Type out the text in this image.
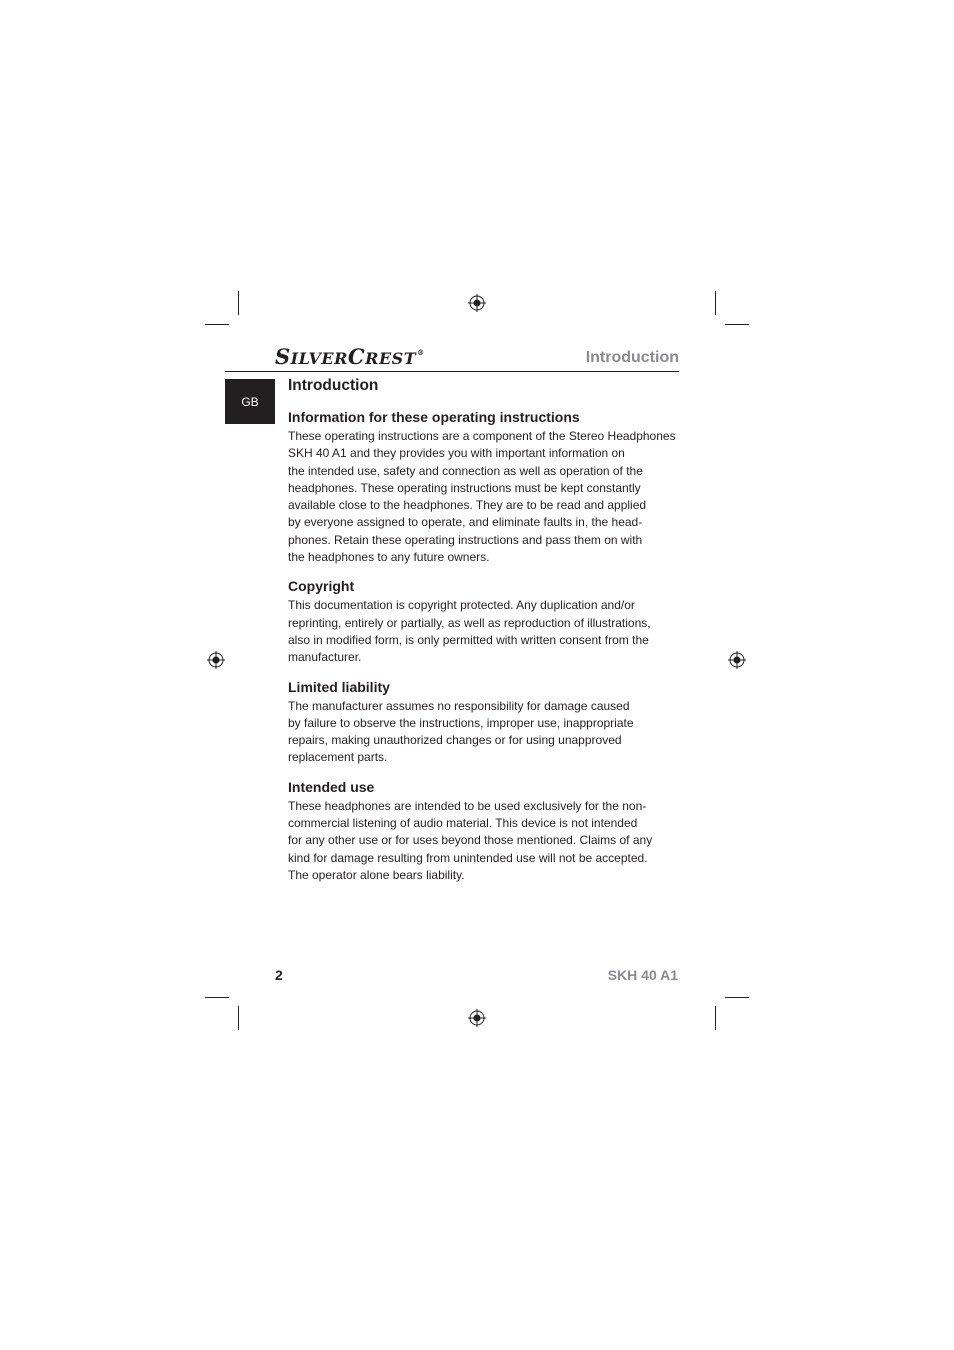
SILVERCREST®	Introduction
GB
Introduction
Information for these operating instructions
These operating instructions are a component of the Stereo Headphones
SKH 40 A1 and they provides you with important information on
the intended use, safety and connection as well as operation of the
headphones. These operating instructions must be kept constantly
available close to the headphones. They are to be read and applied
by everyone assigned to operate, and eliminate faults in, the head-
phones. Retain these operating instructions and pass them on with
the headphones to any future owners.
Copyright
This documentation is copyright protected. Any duplication and/or
reprinting, entirely or partially, as well as reproduction of illustrations,
also in modified form, is only permitted with written consent from the
manufacturer.
Limited liability
The manufacturer assumes no responsibility for damage caused
by failure to observe the instructions, improper use, inappropriate
repairs, making unauthorized changes or for using unapproved
replacement parts.
Intended use
These headphones are intended to be used exclusively for the non-
commercial listening of audio material. This device is not intended
for any other use or for uses beyond those mentioned. Claims of any
kind for damage resulting from unintended use will not be accepted.
The operator alone bears liability.
2	SKH 40 A1
